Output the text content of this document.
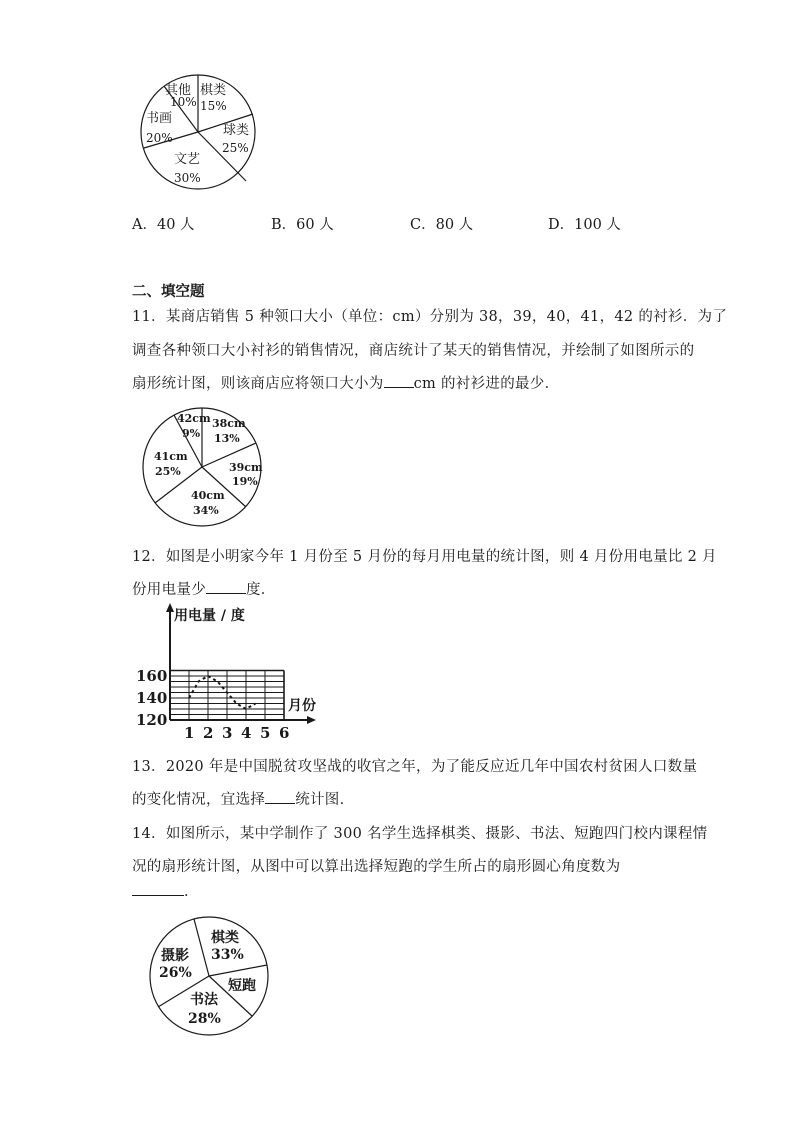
其他
10%
棋类
15%
球类
25%
文艺
30%
书画
20%
A．40 人	B．60 人	C．80 人	D．100 人
二、填空题
11．某商店销售 5 种领口大小（单位：cm）分别为 38，39，40，41，42 的衬衫．为了
调查各种领口大小衬衫的销售情况，商店统计了某天的销售情况，并绘制了如图所示的
扇形统计图，则该商店应将领口大小为 cm 的衬衫进的最少．
38cm
13%
39cm
19%
40cm
34%
41cm
25%
42cm
9%
12．如图是小明家今年 1 月份至 5 月份的每月用电量的统计图，则 4 月份用电量比 2 月
份用电量少	度．
用电量 / 度
月份
120
140
160
1 2 3 4 5 6
13．2020 年是中国脱贫攻坚战的收官之年，为了能反应近几年中国农村贫困人口数量
的变化情况，宜选择 统计图．
14．如图所示，某中学制作了 300 名学生选择棋类、摄影、书法、短跑四门校内课程情
况的扇形统计图，从图中可以算出选择短跑的学生所占的扇形圆心角度数为
．
棋类
33%
短跑
书法
28%
摄影
26%
